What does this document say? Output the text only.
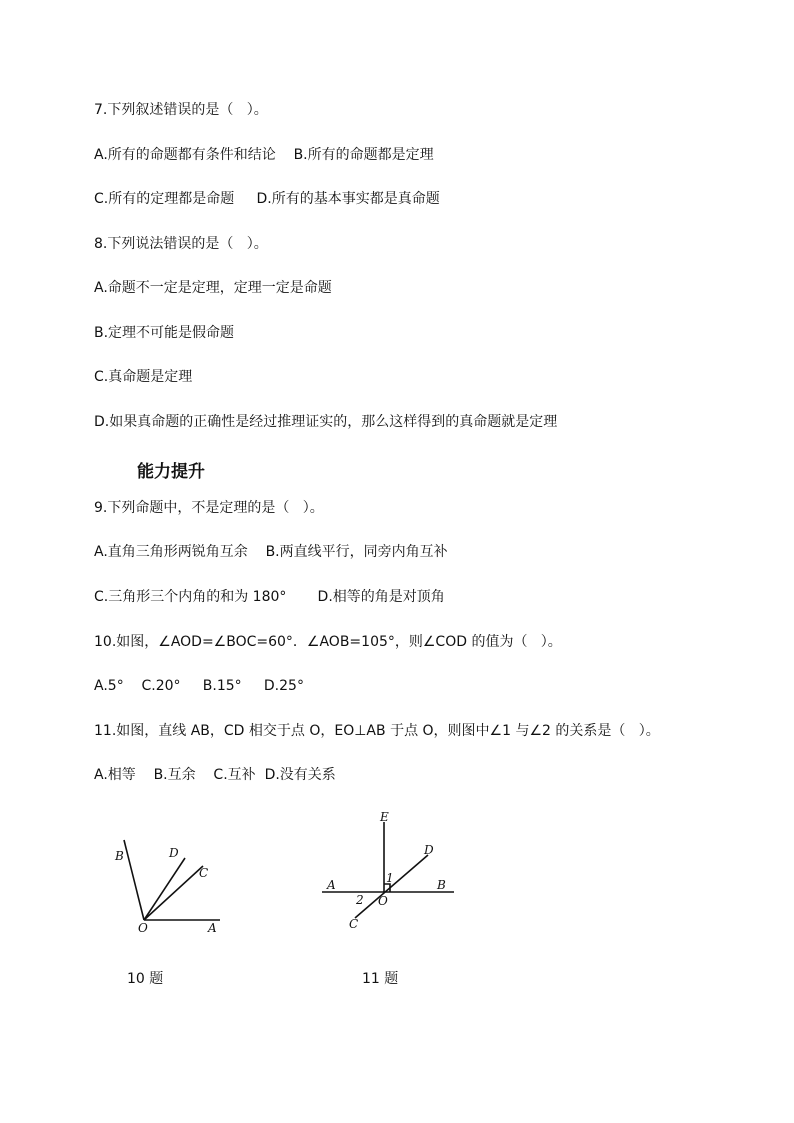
7.下列叙述错误的是（   ）。
A.所有的命题都有条件和结论    B.所有的命题都是定理
C.所有的定理都是命题     D.所有的基本事实都是真命题
8.下列说法错误的是（   ）。
A.命题不一定是定理，定理一定是命题
B.定理不可能是假命题
C.真命题是定理
D.如果真命题的正确性是经过推理证实的，那么这样得到的真命题就是定理
能力提升
9.下列命题中，不是定理的是（   ）。
A.直角三角形两锐角互余    B.两直线平行，同旁内角互补
C.三角形三个内角的和为 180°       D.相等的角是对顶角
10.如图，∠AOD=∠BOC=60°．∠AOB=105°，则∠COD 的值为（   ）。
A.5°    C.20°     B.15°     D.25°
11.如图，直线 AB，CD 相交于点 O，EO⊥AB 于点 O，则图中∠1 与∠2 的关系是（   ）。
A.相等    B.互余    C.互补  D.没有关系
B	D
C
O	A
10 题
E
D
A	B
1
2 O
C
11 题
